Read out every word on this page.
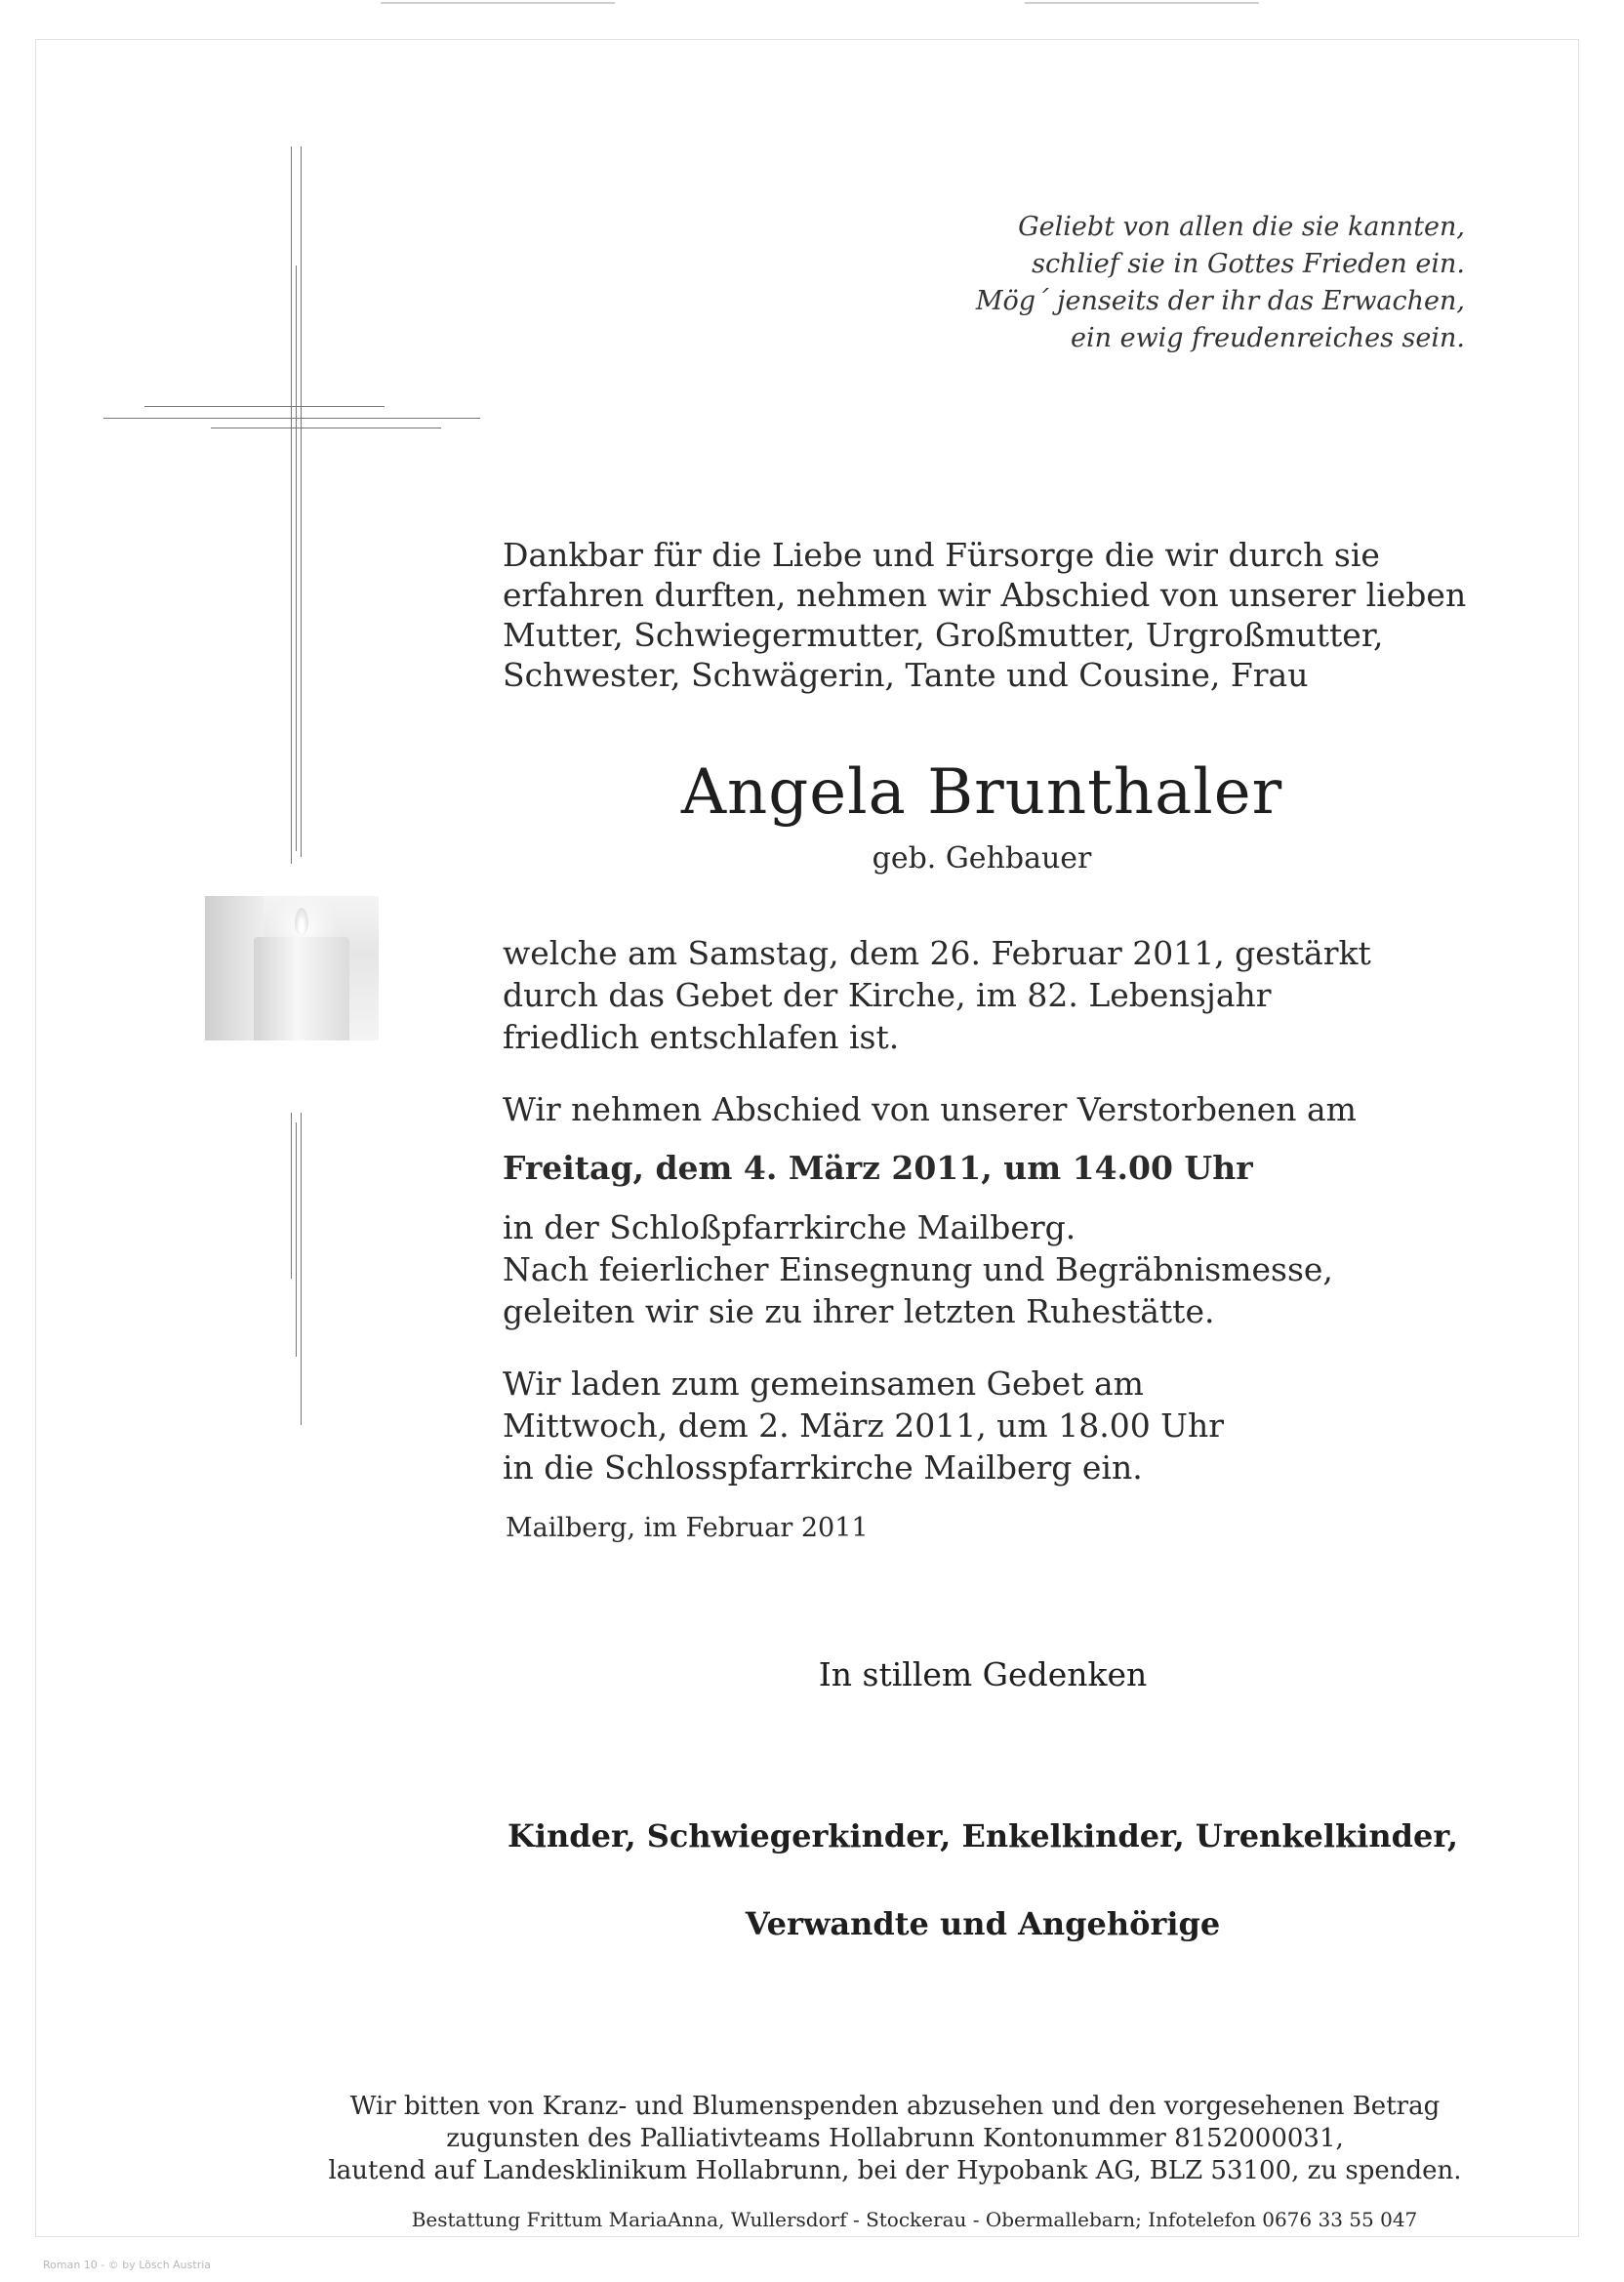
Geliebt von allen die sie kannten,
schlief sie in Gottes Frieden ein.
Mög´ jenseits der ihr das Erwachen,
ein ewig freudenreiches sein.
Dankbar für die Liebe und Fürsorge die wir durch sie
erfahren durften, nehmen wir Abschied von unserer lieben
Mutter, Schwiegermutter, Großmutter, Urgroßmutter,
Schwester, Schwägerin, Tante und Cousine, Frau
Angela Brunthaler
geb. Gehbauer
welche am Samstag, dem 26. Februar 2011, gestärkt
durch das Gebet der Kirche, im 82. Lebensjahr
friedlich entschlafen ist.
Wir nehmen Abschied von unserer Verstorbenen am
Freitag, dem 4. März 2011, um 14.00 Uhr
in der Schloßpfarrkirche Mailberg.
Nach feierlicher Einsegnung und Begräbnismesse,
geleiten wir sie zu ihrer letzten Ruhestätte.
Wir laden zum gemeinsamen Gebet am
Mittwoch, dem 2. März 2011, um 18.00 Uhr
in die Schlosspfarrkirche Mailberg ein.
Mailberg, im Februar 2011
In stillem Gedenken
Kinder, Schwiegerkinder, Enkelkinder, Urenkelkinder,
Verwandte und Angehörige
Wir bitten von Kranz- und Blumenspenden abzusehen und den vorgesehenen Betrag
zugunsten des Palliativteams Hollabrunn Kontonummer 8152000031,
lautend auf Landesklinikum Hollabrunn, bei der Hypobank AG, BLZ 53100, zu spenden.
Bestattung Frittum MariaAnna, Wullersdorf - Stockerau - Obermallebarn; Infotelefon 0676 33 55 047
Roman 10 - © by Lösch Austria
